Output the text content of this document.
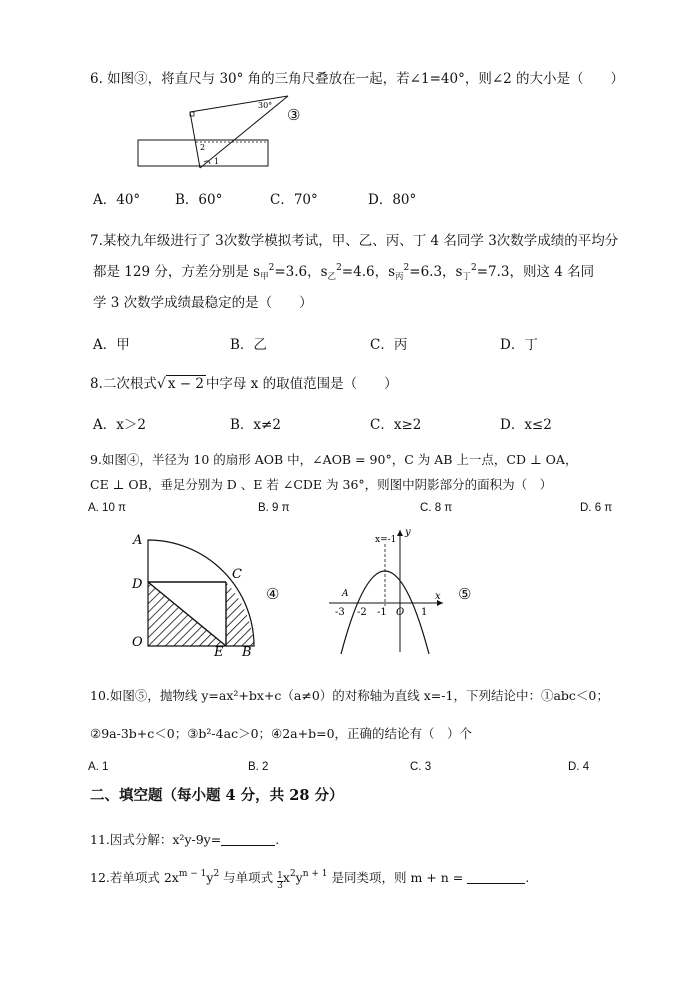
6. 如图③，将直尺与 30° 角的三角尺叠放在一起，若∠1=40°，则∠2 的大小是（　　）
30°
2
1
③
A．40°	B．60°	C．70°	D．80°
7.某校九年级进行了 3次数学模拟考试，甲、乙、丙、丁 4 名同学 3次数学成绩的平均分
都是 129 分，方差分别是 $s_甲^2=3.6$，$s_乙^2=4.6$，$s_丙^2=6.3$，$s_丁^2=7.3$，则这 4 名同
学 3 次数学成绩最稳定的是（　　）
A．甲	B．乙	C．丙	D．丁
8.二次根式√ x − 2 中字母 x 的取值范围是（　　）
A．x＞2	B．x≠2	C．x≥2	D．x≤2
9.如图④，半径为 10 的扇形 AOB 中，∠AOB = 90°，C 为 AB 上一点，CD ⊥ OA，
CE ⊥ OB，垂足分别为 D 、E 若 ∠CDE 为 36°，则图中阴影部分的面积为（　）
A. 10 π	B. 9 π	C. 8 π	D. 6 π
A
D
C
O
E B
④
x=-1
y
x
A
-3 -2 -1 O 1
⑤
10.如图⑤，抛物线 y=ax²+bx+c（a≠0）的对称轴为直线 x=-1，下列结论中：①abc＜0；
②9a-3b+c＜0；③b²-4ac＞0；④2a+b=0，正确的结论有（　）个
A. 1	B. 2	C. 3	D. 4
二、填空题（每小题 4 分，共 28 分）
11.因式分解：x²y-9y=	.
12.若单项式 $2x^{m - 1}y^2$ 与单项式 $\frac{1}{3} x^2y^{n + 1}$ 是同类项，则 m + n =	.
